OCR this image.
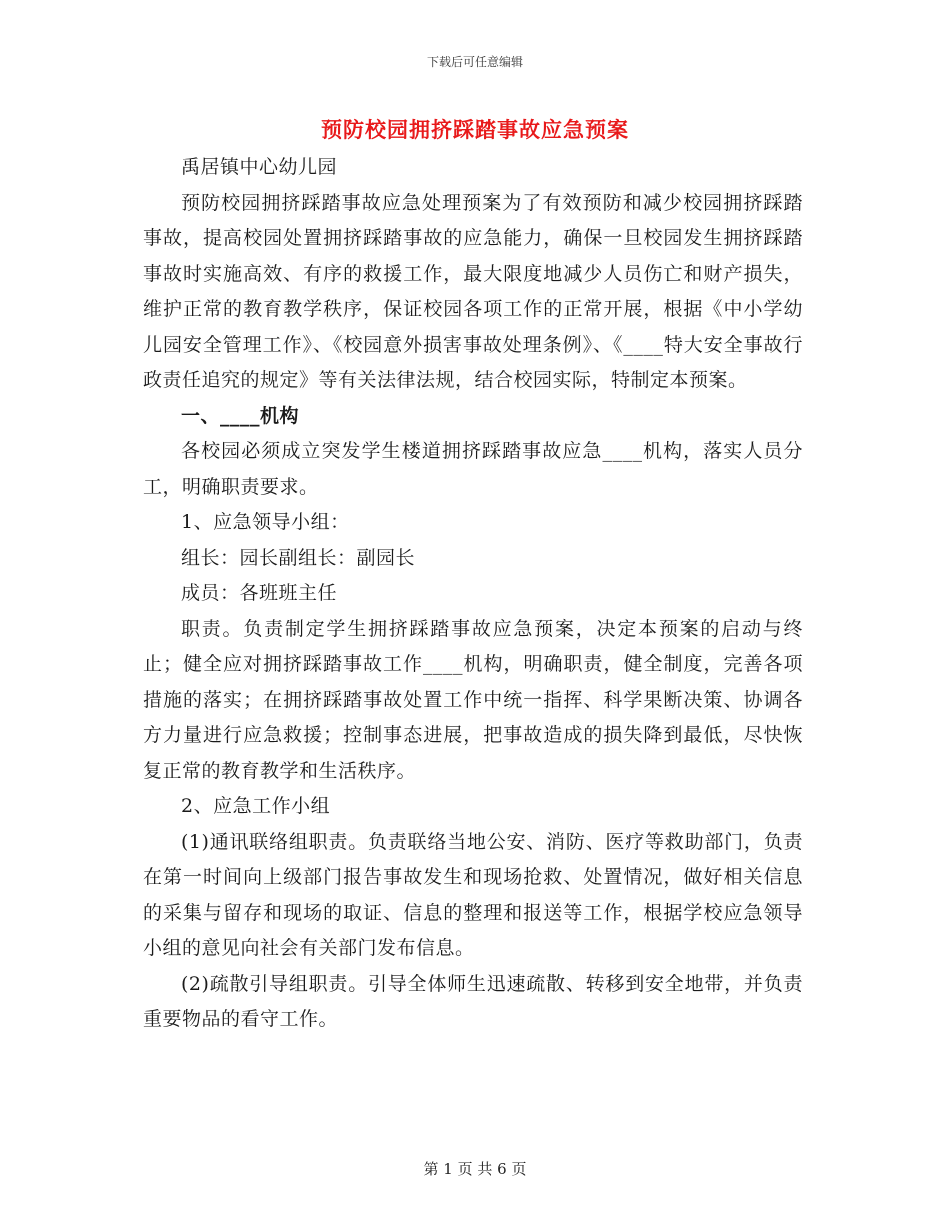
下载后可任意编辑
预防校园拥挤踩踏事故应急预案

禹居镇中心幼儿园

预防校园拥挤踩踏事故应急处理预案为了有效预防和减少校园拥挤踩踏事故，提高校园处置拥挤踩踏事故的应急能力，确保一旦校园发生拥挤踩踏事故时实施高效、有序的救援工作，最大限度地减少人员伤亡和财产损失，维护正常的教育教学秩序，保证校园各项工作的正常开展，根据《中小学幼儿园安全管理工作》、《校园意外损害事故处理条例》、《____特大安全事故行政责任追究的规定》等有关法律法规，结合校园实际，特制定本预案。

一、____机构

各校园必须成立突发学生楼道拥挤踩踏事故应急____机构，落实人员分工，明确职责要求。

1、应急领导小组：

组长：园长副组长：副园长

成员：各班班主任

职责。负责制定学生拥挤踩踏事故应急预案，决定本预案的启动与终止；健全应对拥挤踩踏事故工作____机构，明确职责，健全制度，完善各项措施的落实；在拥挤踩踏事故处置工作中统一指挥、科学果断决策、协调各方力量进行应急救援；控制事态进展，把事故造成的损失降到最低，尽快恢复正常的教育教学和生活秩序。

2、应急工作小组

(1)通讯联络组职责。负责联络当地公安、消防、医疗等救助部门，负责在第一时间向上级部门报告事故发生和现场抢救、处置情况，做好相关信息的采集与留存和现场的取证、信息的整理和报送等工作，根据学校应急领导小组的意见向社会有关部门发布信息。

(2)疏散引导组职责。引导全体师生迅速疏散、转移到安全地带，并负责重要物品的看守工作。

第 1 页 共 6 页
